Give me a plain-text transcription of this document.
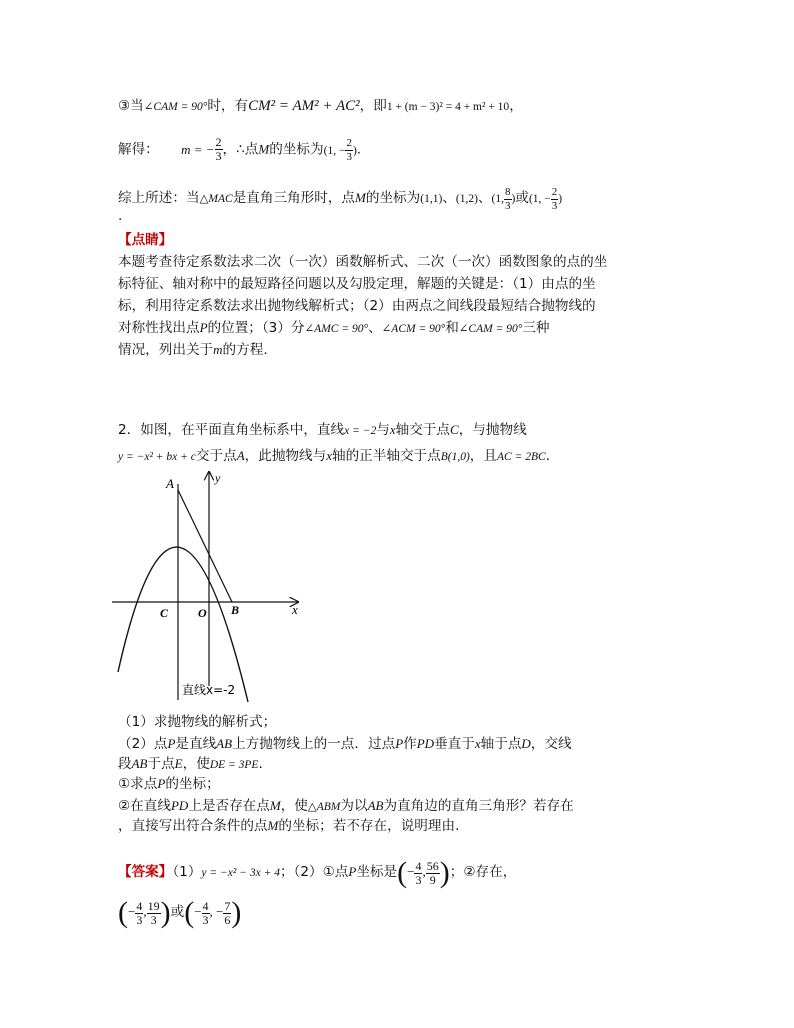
③当∠CAM = 90°时，有CM² = AM² + AC²，即1 + (m − 3)² = 4 + m² + 10，
解得： m = − $\frac{2}{3}$ ，∴点M的坐标为(1, − $\frac{2}{3}$ ).
综上所述：当△MAC是直角三角形时，点M的坐标为(1,1)、(1,2)、(1, $\frac{8}{3}$ )或(1, − $\frac{2}{3}$ )
.
【点睛】
本题考查待定系数法求二次（一次）函数解析式、二次（一次）函数图象的点的坐
标特征、轴对称中的最短路径问题以及勾股定理，解题的关键是：（1）由点的坐
标，利用待定系数法求出抛物线解析式；（2）由两点之间线段最短结合抛物线的
对称性找出点P的位置；（3）分∠AMC = 90°、∠ACM = 90°和∠CAM = 90°三种
情况，列出关于m的方程.
2．如图，在平面直角坐标系中，直线x = −2与x轴交于点C，与抛物线
y = −x² + bx + c交于点A，此抛物线与x轴的正半轴交于点B(1,0)，且AC = 2BC.
A	y
x
C O B
直线x=-2
（1）求抛物线的解析式；
（2）点P是直线AB上方抛物线上的一点．过点P作PD垂直于x轴于点D，交线
段AB于点E，使DE = 3PE.
①求点P的坐标；
②在直线PD上是否存在点M，使△ABM为以AB为直角边的直角三角形？若存在
，直接写出符合条件的点M的坐标；若不存在，说明理由.
【答案】（1）y = −x² − 3x + 4；（2）①点P坐标是(− $\frac{4}{3}$ , $\frac{56}{9}$ )；②存在，
(− $\frac{4}{3}$ , $\frac{19}{3}$ )或(− $\frac{4}{3}$ , − $\frac{7}{6}$ )
